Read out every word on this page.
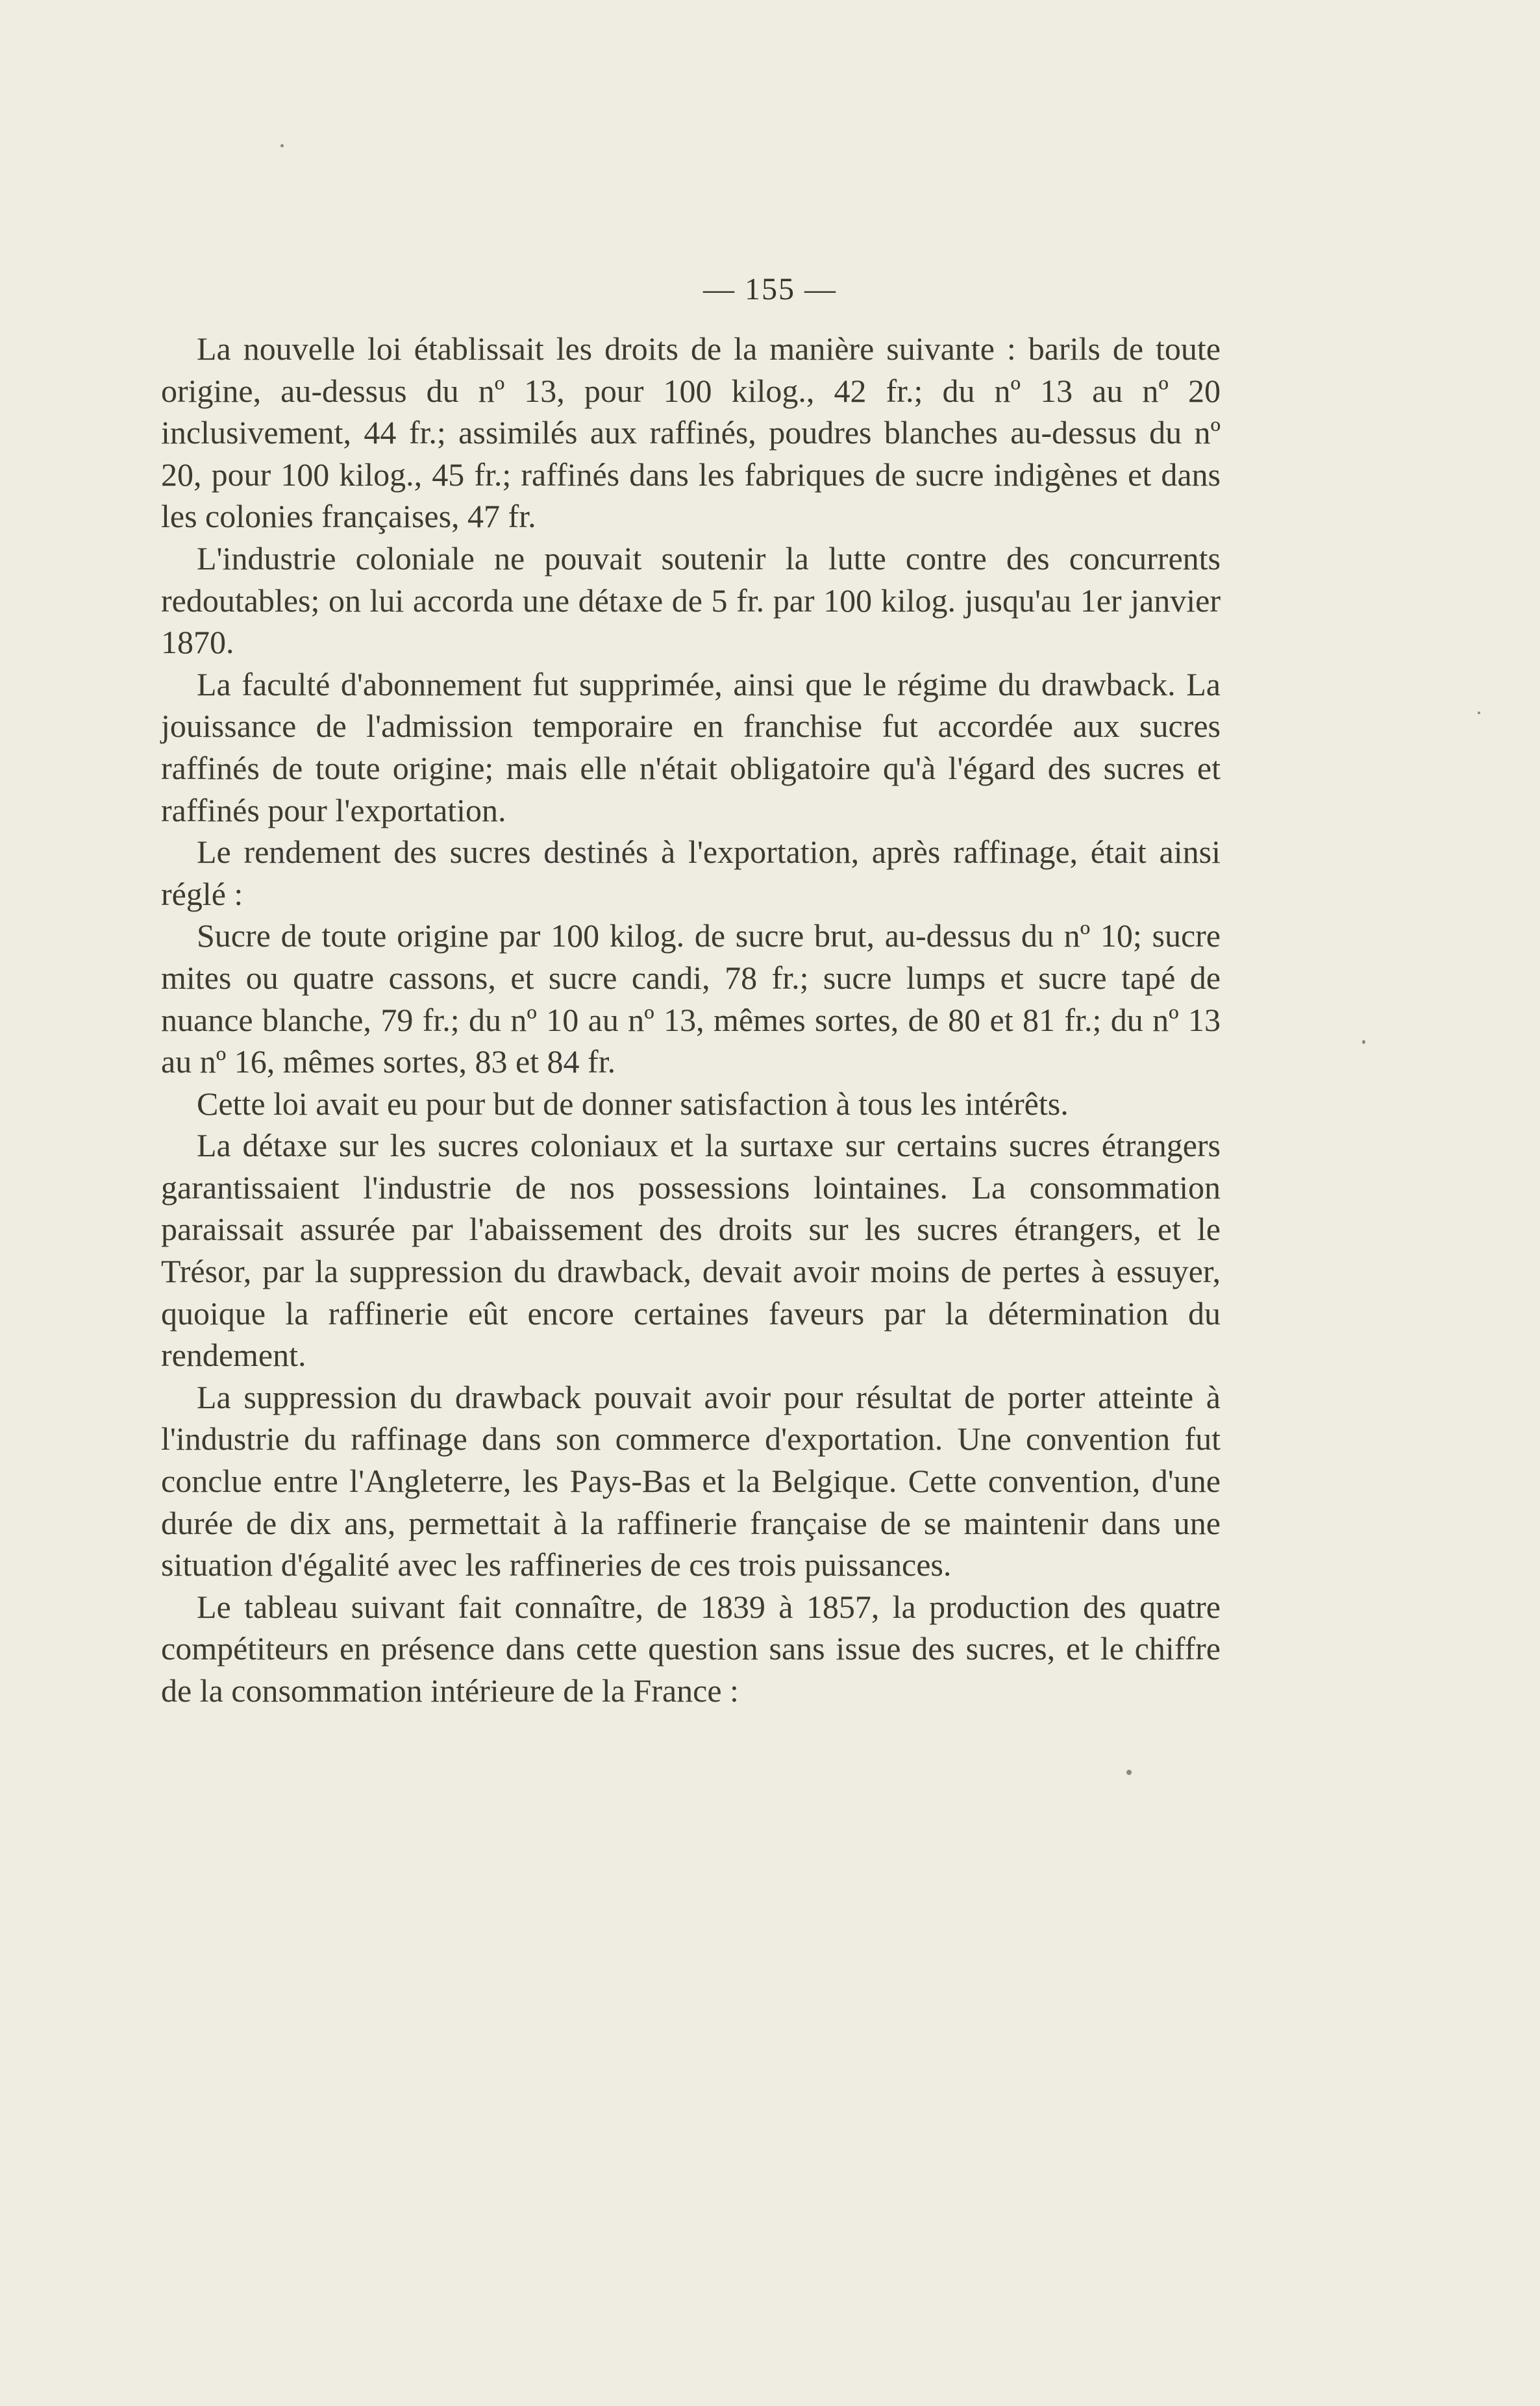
— 155 —

La nouvelle loi établissait les droits de la manière suivante : barils de toute origine, au-dessus du nº 13, pour 100 kilog., 42 fr.; du nº 13 au nº 20 inclusivement, 44 fr.; assimilés aux raffinés, poudres blanches au-dessus du nº 20, pour 100 kilog., 45 fr.; raffinés dans les fabriques de sucre indigènes et dans les colonies françaises, 47 fr.

L'industrie coloniale ne pouvait soutenir la lutte contre des concurrents redoutables; on lui accorda une détaxe de 5 fr. par 100 kilog. jusqu'au 1er janvier 1870.

La faculté d'abonnement fut supprimée, ainsi que le régime du drawback. La jouissance de l'admission temporaire en franchise fut accordée aux sucres raffinés de toute origine; mais elle n'était obligatoire qu'à l'égard des sucres et raffinés pour l'exportation.

Le rendement des sucres destinés à l'exportation, après raffinage, était ainsi réglé :

Sucre de toute origine par 100 kilog. de sucre brut, au-dessus du nº 10; sucre mites ou quatre cassons, et sucre candi, 78 fr.; sucre lumps et sucre tapé de nuance blanche, 79 fr.; du nº 10 au nº 13, mêmes sortes, de 80 et 81 fr.; du nº 13 au nº 16, mêmes sortes, 83 et 84 fr.

Cette loi avait eu pour but de donner satisfaction à tous les intérêts.

La détaxe sur les sucres coloniaux et la surtaxe sur certains sucres étrangers garantissaient l'industrie de nos possessions lointaines. La consommation paraissait assurée par l'abaissement des droits sur les sucres étrangers, et le Trésor, par la suppression du drawback, devait avoir moins de pertes à essuyer, quoique la raffinerie eût encore certaines faveurs par la détermination du rendement.

La suppression du drawback pouvait avoir pour résultat de porter atteinte à l'industrie du raffinage dans son commerce d'exportation. Une convention fut conclue entre l'Angleterre, les Pays-Bas et la Belgique. Cette convention, d'une durée de dix ans, permettait à la raffinerie française de se maintenir dans une situation d'égalité avec les raffineries de ces trois puissances.

Le tableau suivant fait connaître, de 1839 à 1857, la production des quatre compétiteurs en présence dans cette question sans issue des sucres, et le chiffre de la consommation intérieure de la France :
